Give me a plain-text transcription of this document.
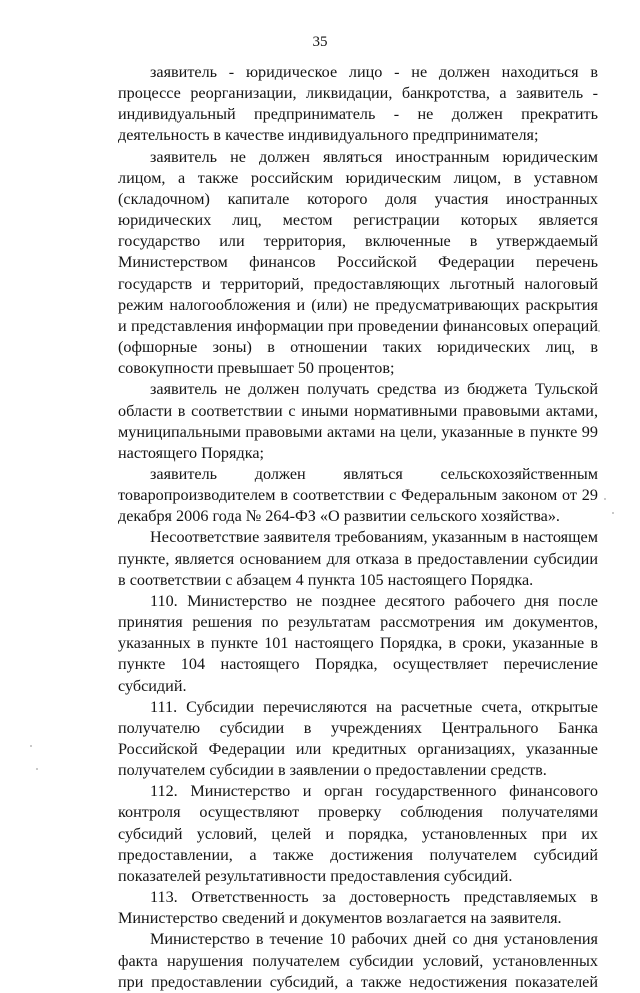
35

заявитель - юридическое лицо - не должен находиться в процессе реорганизации, ликвидации, банкротства, а заявитель - индивидуальный предприниматель - не должен прекратить деятельность в качестве индивидуального предпринимателя;

заявитель не должен являться иностранным юридическим лицом, а также российским юридическим лицом, в уставном (складочном) капитале которого доля участия иностранных юридических лиц, местом регистрации которых является государство или территория, включенные в утверждаемый Министерством финансов Российской Федерации перечень государств и территорий, предоставляющих льготный налоговый режим налогообложения и (или) не предусматривающих раскрытия и представления информации при проведении финансовых операций (офшорные зоны) в отношении таких юридических лиц, в совокупности превышает 50 процентов;

заявитель не должен получать средства из бюджета Тульской области в соответствии с иными нормативными правовыми актами, муниципальными правовыми актами на цели, указанные в пункте 99 настоящего Порядка;

заявитель должен являться сельскохозяйственным товаропроизводителем в соответствии с Федеральным законом от 29 декабря 2006 года № 264-ФЗ «О развитии сельского хозяйства».

Несоответствие заявителя требованиям, указанным в настоящем пункте, является основанием для отказа в предоставлении субсидии в соответствии с абзацем 4 пункта 105 настоящего Порядка.

110. Министерство не позднее десятого рабочего дня после принятия решения по результатам рассмотрения им документов, указанных в пункте 101 настоящего Порядка, в сроки, указанные в пункте 104 настоящего Порядка, осуществляет перечисление субсидий.

111. Субсидии перечисляются на расчетные счета, открытые получателю субсидии в учреждениях Центрального Банка Российской Федерации или кредитных организациях, указанные получателем субсидии в заявлении о предоставлении средств.

112. Министерство и орган государственного финансового контроля осуществляют проверку соблюдения получателями субсидий условий, целей и порядка, установленных при их предоставлении, а также достижения получателем субсидий показателей результативности предоставления субсидий.

113. Ответственность за достоверность представляемых в Министерство сведений и документов возлагается на заявителя.

Министерство в течение 10 рабочих дней со дня установления факта нарушения получателем субсидии условий, установленных при предоставлении субсидий, а также недостижения показателей
